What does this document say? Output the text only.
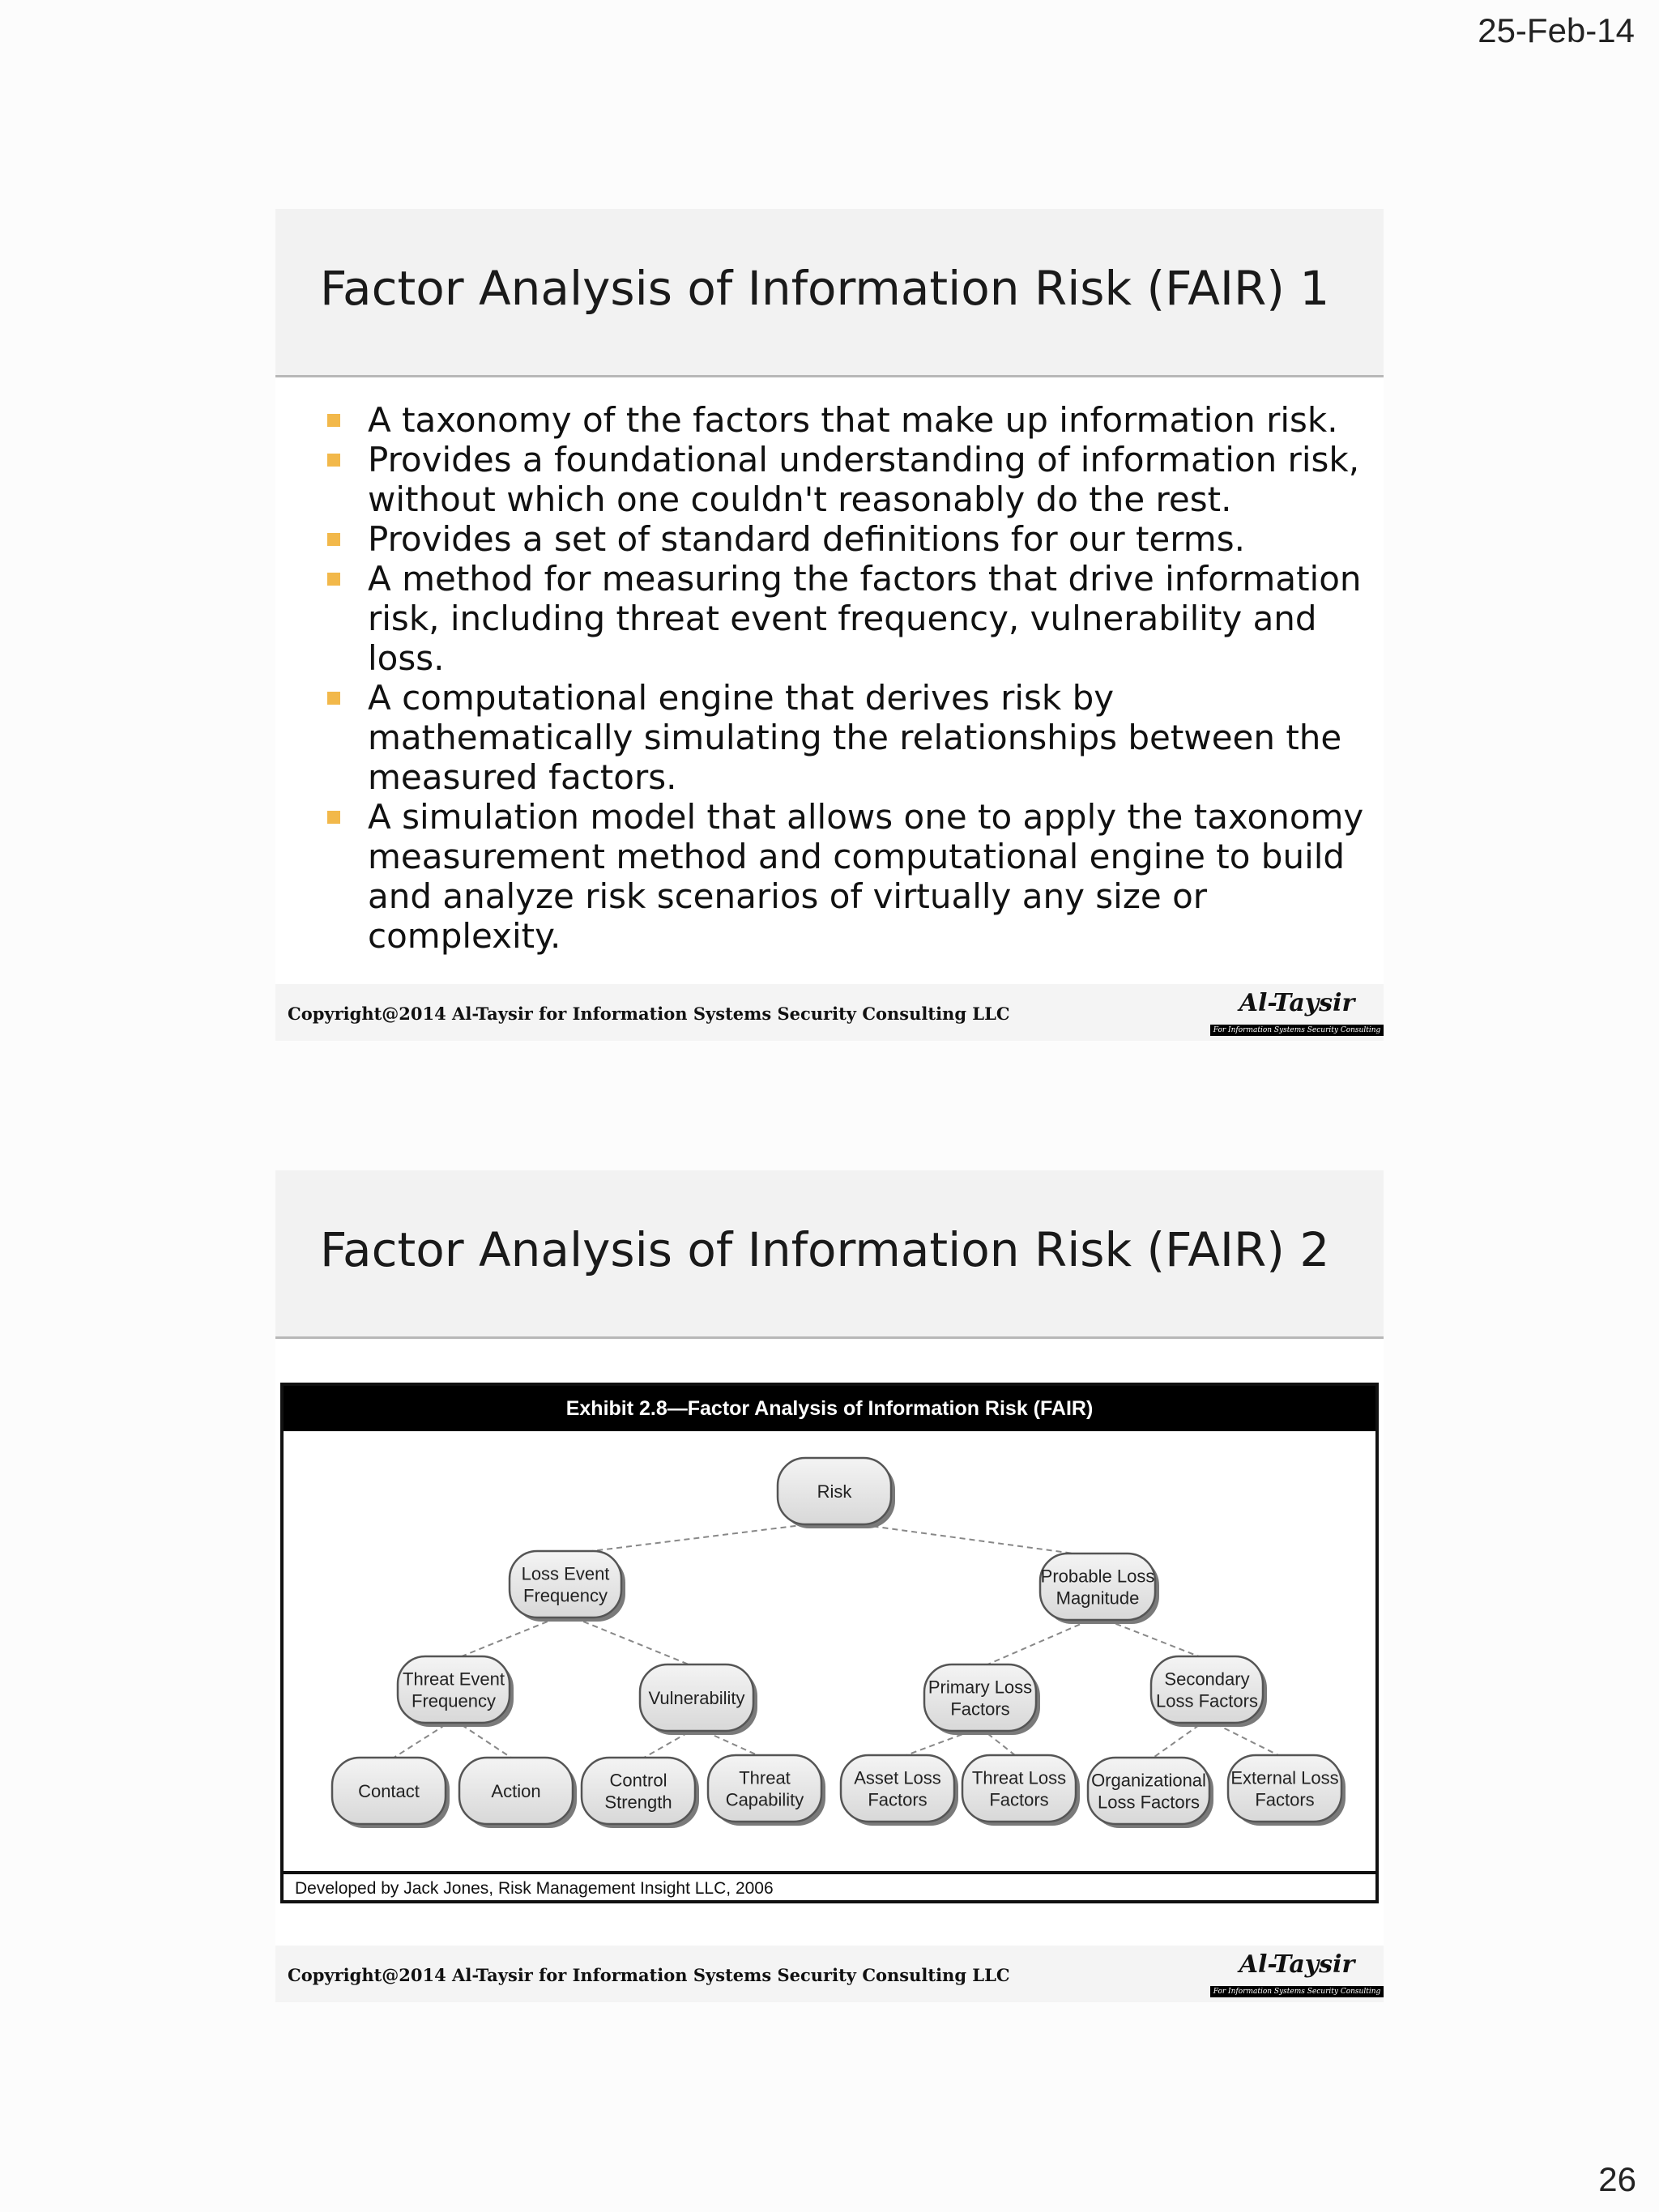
25-Feb-14
Factor Analysis of Information Risk (FAIR) 1
A taxonomy of the factors that make up information risk.
Provides a foundational understanding of information risk, without which one couldn't reasonably do the rest.
Provides a set of standard definitions for our terms.
A method for measuring the factors that drive information risk, including threat event frequency, vulnerability and loss.
A computational engine that derives risk by mathematically simulating the relationships between the measured factors.
A simulation model that allows one to apply the taxonomy measurement method and computational engine to build and analyze risk scenarios of virtually any size or complexity.
Copyright@2014 Al-Taysir for Information Systems Security Consulting LLC	Al-Taysir
For Information Systems Security Consulting
Factor Analysis of Information Risk (FAIR) 2
Exhibit 2.8—Factor Analysis of Information Risk (FAIR)
Risk
Loss Event
Frequency
Probable Loss
Magnitude
Threat Event
Frequency	Vulnerability
Primary Loss
Factors
Secondary
Loss Factors
Contact	Action
Control
Strength
Threat
Capability
Asset Loss
Factors
Threat Loss
Factors
Organizational
Loss Factors
External Loss
Factors
Developed by Jack Jones, Risk Management Insight LLC, 2006
Copyright@2014 Al-Taysir for Information Systems Security Consulting LLC	Al-Taysir
For Information Systems Security Consulting
26
